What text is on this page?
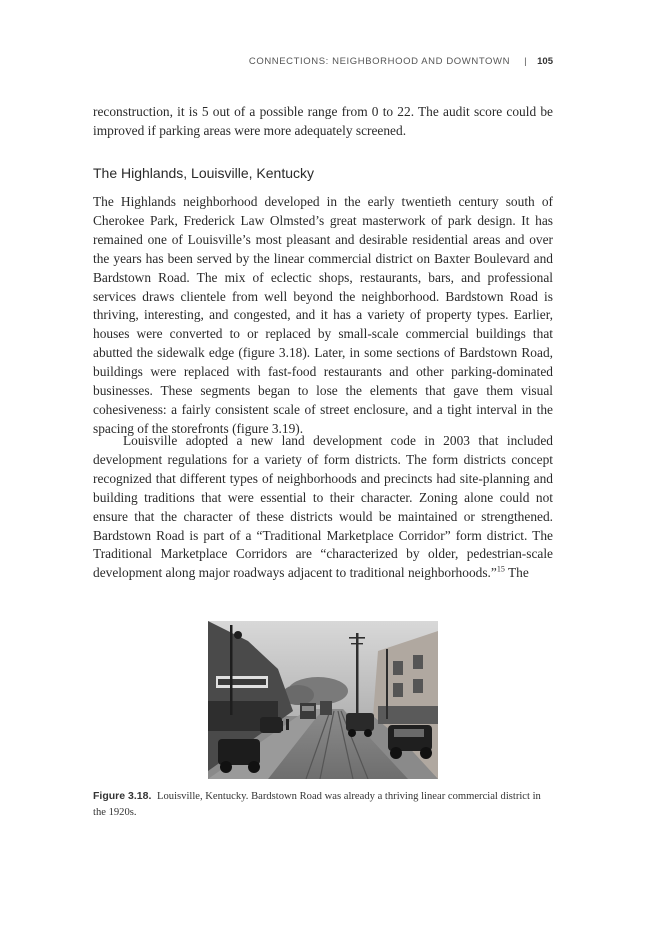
CONNECTIONS: NEIGHBORHOOD AND DOWNTOWN | 105

reconstruction, it is 5 out of a possible range from 0 to 22. The audit score could be improved if parking areas were more adequately screened.

The Highlands, Louisville, Kentucky

The Highlands neighborhood developed in the early twentieth century south of Cherokee Park, Frederick Law Olmsted’s great masterwork of park design. It has remained one of Louisville’s most pleasant and desirable residential areas and over the years has been served by the linear commercial district on Baxter Boulevard and Bardstown Road. The mix of eclectic shops, restaurants, bars, and professional services draws clientele from well beyond the neighborhood. Bardstown Road is thriving, interesting, and congested, and it has a variety of property types. Earlier, houses were converted to or replaced by small-scale commercial buildings that abutted the sidewalk edge (figure 3.18). Later, in some sections of Bardstown Road, buildings were replaced with fast-food restaurants and other parking-dominated businesses. These segments began to lose the elements that gave them visual cohesiveness: a fairly consistent scale of street enclosure, and a tight interval in the spacing of the storefronts (figure 3.19).

Louisville adopted a new land development code in 2003 that included development regulations for a variety of form districts. The form districts concept recognized that different types of neighborhoods and precincts had site-planning and building traditions that were essential to their character. Zoning alone could not ensure that the character of these districts would be maintained or strengthened. Bardstown Road is part of a “Traditional Marketplace Corridor” form district. The Traditional Marketplace Corridors are “characterized by older, pedestrian-scale development along major roadways adjacent to traditional neighborhoods.”$^{15}$ The

Figure 3.18. Louisville, Kentucky. Bardstown Road was already a thriving linear commercial district in the 1920s.
